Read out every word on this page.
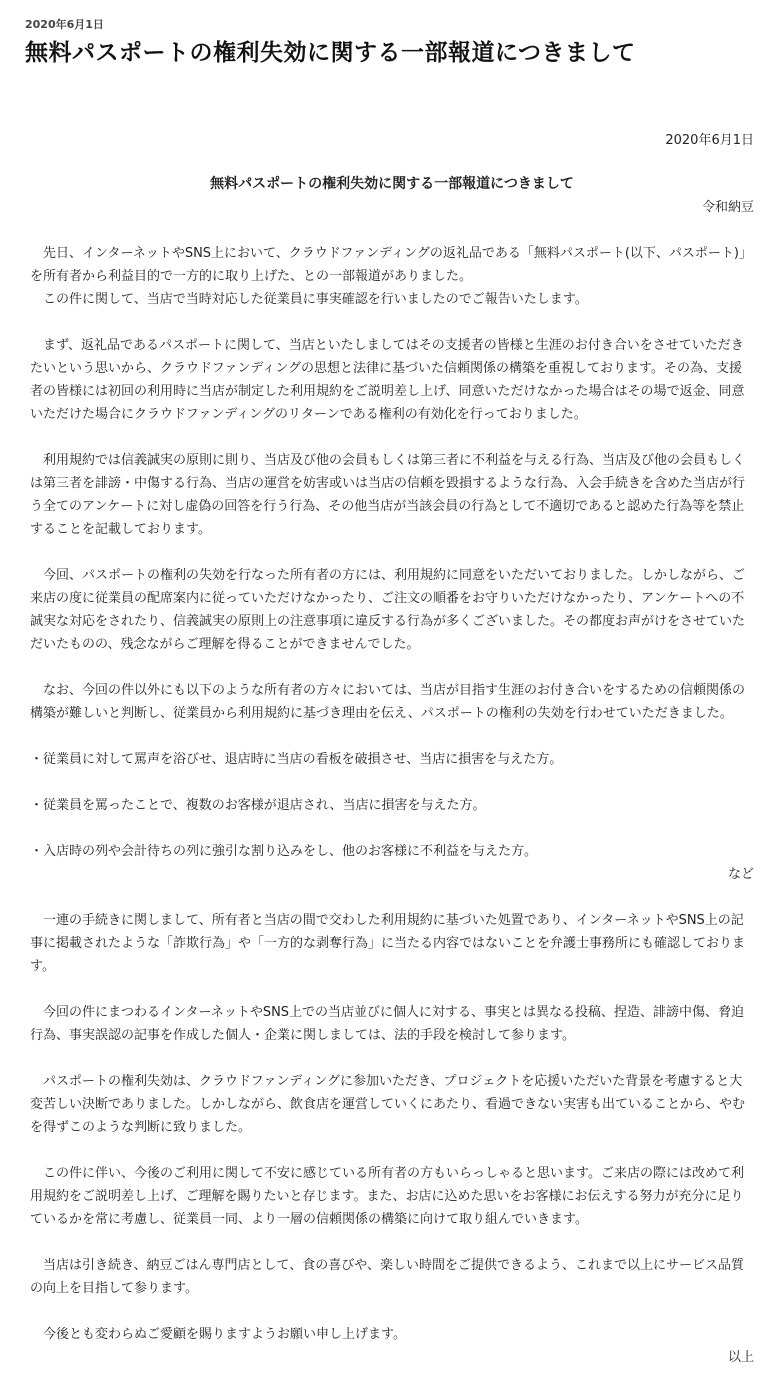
2020年6月1日
無料パスポートの権利失効に関する一部報道につきまして
2020年6月1日
無料パスポートの権利失効に関する一部報道につきまして
令和納豆

先日、インターネットやSNS上において、クラウドファンディングの返礼品である「無料パスポート(以下、パスポート)」を所有者から利益目的で一方的に取り上げた、との一部報道がありました。

この件に関して、当店で当時対応した従業員に事実確認を行いましたのでご報告いたします。

まず、返礼品であるパスポートに関して、当店といたしましてはその支援者の皆様と生涯のお付き合いをさせていただきたいという思いから、クラウドファンディングの思想と法律に基づいた信頼関係の構築を重視しております。その為、支援者の皆様には初回の利用時に当店が制定した利用規約をご説明差し上げ、同意いただけなかった場合はその場で返金、同意いただけた場合にクラウドファンディングのリターンである権利の有効化を行っておりました。

利用規約では信義誠実の原則に則り、当店及び他の会員もしくは第三者に不利益を与える行為、当店及び他の会員もしくは第三者を誹謗・中傷する行為、当店の運営を妨害或いは当店の信頼を毀損するような行為、入会手続きを含めた当店が行う全てのアンケートに対し虚偽の回答を行う行為、その他当店が当該会員の行為として不適切であると認めた行為等を禁止することを記載しております。

今回、パスポートの権利の失効を行なった所有者の方には、利用規約に同意をいただいておりました。しかしながら、ご来店の度に従業員の配席案内に従っていただけなかったり、ご注文の順番をお守りいただけなかったり、アンケートへの不誠実な対応をされたり、信義誠実の原則上の注意事項に違反する行為が多くございました。その都度お声がけをさせていただいたものの、残念ながらご理解を得ることができませんでした。

なお、今回の件以外にも以下のような所有者の方々においては、当店が目指す生涯のお付き合いをするための信頼関係の構築が難しいと判断し、従業員から利用規約に基づき理由を伝え、パスポートの権利の失効を行わせていただきました。

・従業員に対して罵声を浴びせ、退店時に当店の看板を破損させ、当店に損害を与えた方。

・従業員を罵ったことで、複数のお客様が退店され、当店に損害を与えた方。

・入店時の列や会計待ちの列に強引な割り込みをし、他のお客様に不利益を与えた方。

など

一連の手続きに関しまして、所有者と当店の間で交わした利用規約に基づいた処置であり、インターネットやSNS上の記事に掲載されたような「詐欺行為」や「一方的な剥奪行為」に当たる内容ではないことを弁護士事務所にも確認しております。

今回の件にまつわるインターネットやSNS上での当店並びに個人に対する、事実とは異なる投稿、捏造、誹謗中傷、脅迫行為、事実誤認の記事を作成した個人・企業に関しましては、法的手段を検討して参ります。

パスポートの権利失効は、クラウドファンディングに参加いただき、プロジェクトを応援いただいた背景を考慮すると大変苦しい決断でありました。しかしながら、飲食店を運営していくにあたり、看過できない実害も出ていることから、やむを得ずこのような判断に致りました。

この件に伴い、今後のご利用に関して不安に感じている所有者の方もいらっしゃると思います。ご来店の際には改めて利用規約をご説明差し上げ、ご理解を賜りたいと存じます。また、お店に込めた思いをお客様にお伝えする努力が充分に足りているかを常に考慮し、従業員一同、より一層の信頼関係の構築に向けて取り組んでいきます。

当店は引き続き、納豆ごはん専門店として、食の喜びや、楽しい時間をご提供できるよう、これまで以上にサービス品質の向上を目指して参ります。

今後とも変わらぬご愛顧を賜りますようお願い申し上げます。

以上
